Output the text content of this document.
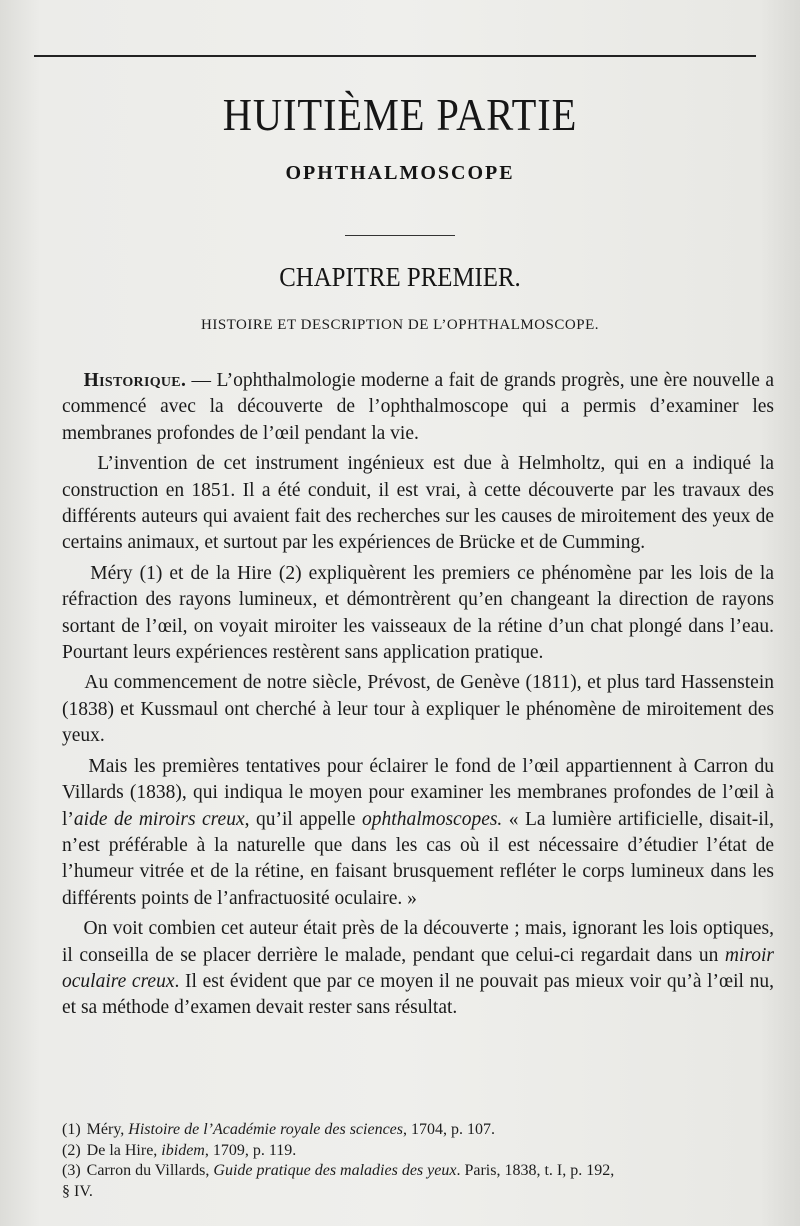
HUITIÈME PARTIE
OPHTHALMOSCOPE
CHAPITRE PREMIER.
HISTOIRE ET DESCRIPTION DE L’OPHTHALMOSCOPE.

Historique. — L’ophthalmologie moderne a fait de grands progrès, une ère nouvelle a commencé avec la découverte de l’ophthalmoscope qui a permis d’examiner les membranes profondes de l’œil pendant la vie.

L’invention de cet instrument ingénieux est due à Helmholtz, qui en a indiqué la construction en 1851. Il a été conduit, il est vrai, à cette découverte par les travaux des différents auteurs qui avaient fait des recherches sur les causes de miroitement des yeux de certains animaux, et surtout par les expériences de Brücke et de Cumming.

Méry (1) et de la Hire (2) expliquèrent les premiers ce phénomène par les lois de la réfraction des rayons lumineux, et démontrèrent qu’en changeant la direction de rayons sortant de l’œil, on voyait miroiter les vaisseaux de la rétine d’un chat plongé dans l’eau. Pourtant leurs expériences restèrent sans application pratique.

Au commencement de notre siècle, Prévost, de Genève (1811), et plus tard Hassenstein (1838) et Kussmaul ont cherché à leur tour à expliquer le phénomène de miroitement des yeux.

Mais les premières tentatives pour éclairer le fond de l’œil appartiennent à Carron du Villards (1838), qui indiqua le moyen pour examiner les membranes profondes de l’œil à l’aide de miroirs creux, qu’il appelle ophthalmoscopes. « La lumière artificielle, disait-il, n’est préférable à la naturelle que dans les cas où il est nécessaire d’étudier l’état de l’humeur vitrée et de la rétine, en faisant brusquement refléter le corps lumineux dans les différents points de l’anfractuosité oculaire. »

On voit combien cet auteur était près de la découverte ; mais, ignorant les lois optiques, il conseilla de se placer derrière le malade, pendant que celui-ci regardait dans un miroir oculaire creux. Il est évident que par ce moyen il ne pouvait pas mieux voir qu’à l’œil nu, et sa méthode d’examen devait rester sans résultat.

(1) Méry, Histoire de l’Académie royale des sciences, 1704, p. 107.

(2) De la Hire, ibidem, 1709, p. 119.

(3) Carron du Villards, Guide pratique des maladies des yeux. Paris, 1838, t. I, p. 192,

§ IV.
